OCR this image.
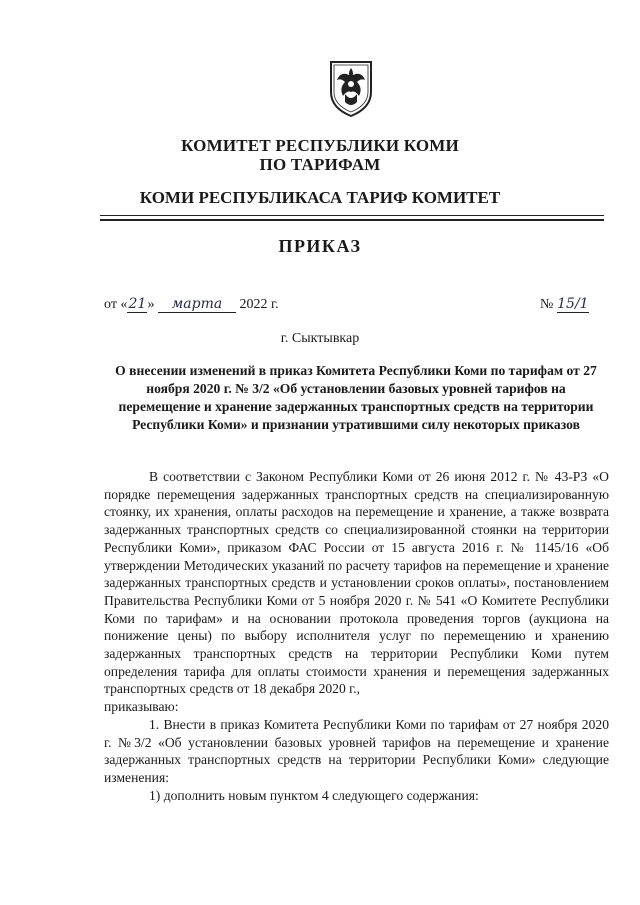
КОМИТЕТ РЕСПУБЛИКИ КОМИ
ПО ТАРИФАМ
КОМИ РЕСПУБЛИКАСА ТАРИФ КОМИТЕТ
ПРИКАЗ
от «21» марта 2022 г.	№ 15/1
г. Сыктывкар
О внесении изменений в приказ Комитета Республики Коми по тарифам от 27 ноября 2020 г. № 3/2 «Об установлении базовых уровней тарифов на перемещение и хранение задержанных транспортных средств на территории Республики Коми» и признании утратившими силу некоторых приказов

В соответствии с Законом Республики Коми от 26 июня 2012 г. № 43-РЗ «О порядке перемещения задержанных транспортных средств на специализированную стоянку, их хранения, оплаты расходов на перемещение и хранение, а также возврата задержанных транспортных средств со специализированной стоянки на территории Республики Коми», приказом ФАС России от 15 августа 2016 г. № 1145/16 «Об утверждении Методических указаний по расчету тарифов на перемещение и хранение задержанных транспортных средств и установлении сроков оплаты», постановлением Правительства Республики Коми от 5 ноября 2020 г. № 541 «О Комитете Республики Коми по тарифам» и на основании протокола проведения торгов (аукциона на понижение цены) по выбору исполнителя услуг по перемещению и хранению задержанных транспортных средств на территории Республики Коми путем определения тарифа для оплаты стоимости хранения и перемещения задержанных транспортных средств от 18 декабря 2020 г.,

приказываю:

1. Внести в приказ Комитета Республики Коми по тарифам от 27 ноября 2020 г. №3/2 «Об установлении базовых уровней тарифов на перемещение и хранение задержанных транспортных средств на территории Республики Коми» следующие изменения:

1) дополнить новым пунктом 4 следующего содержания:
